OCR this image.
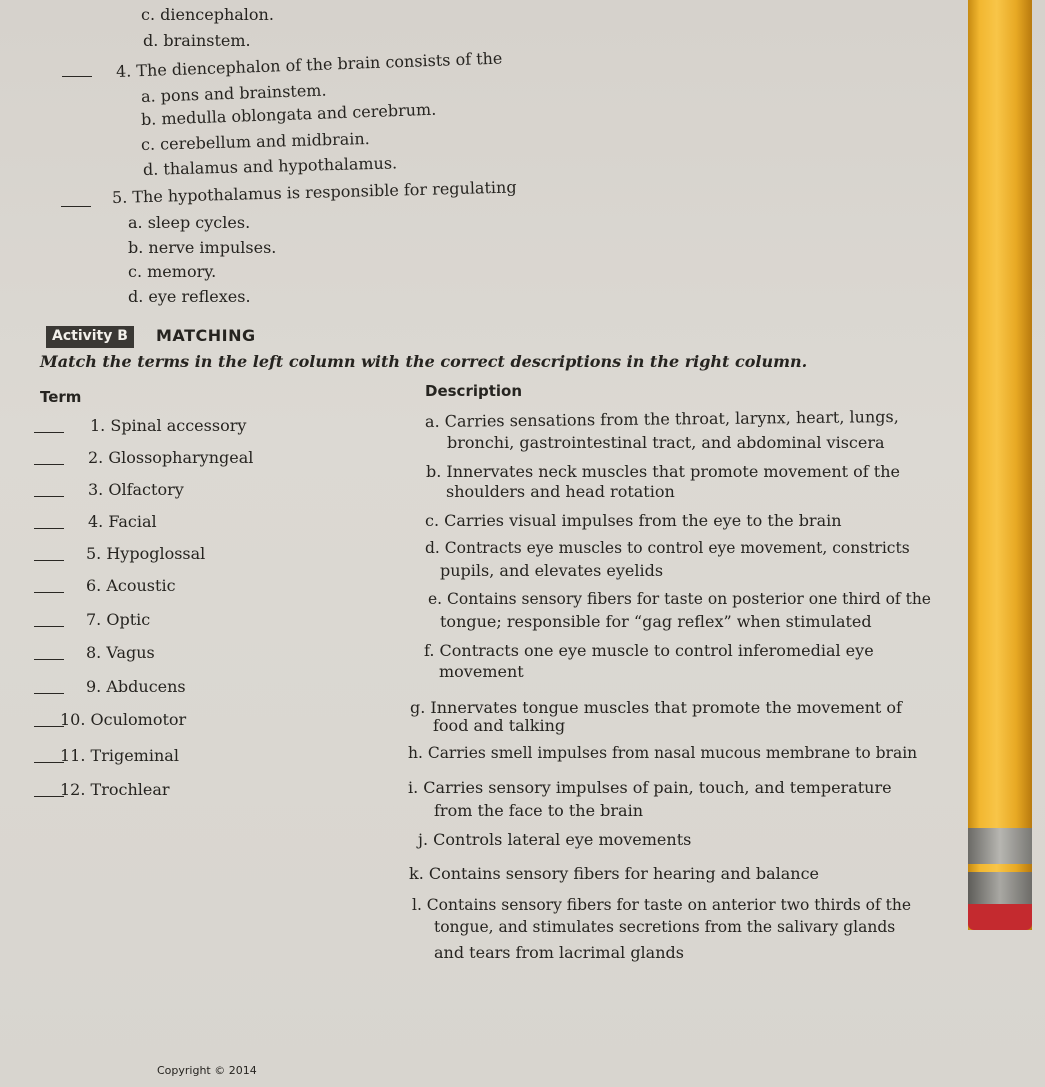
c. diencephalon.
d. brainstem.
4. The diencephalon of the brain consists of the
a. pons and brainstem.
b. medulla oblongata and cerebrum.
c. cerebellum and midbrain.
d. thalamus and hypothalamus.
5. The hypothalamus is responsible for regulating
a. sleep cycles.
b. nerve impulses.
c. memory.
d. eye reflexes.
Activity B	MATCHING
Match the terms in the left column with the correct descriptions in the right column.
Term	Description
1. Spinal accessory
2. Glossopharyngeal
3. Olfactory
4. Facial
5. Hypoglossal
6. Acoustic
7. Optic
8. Vagus
9. Abducens
10. Oculomotor
11. Trigeminal
12. Trochlear
a. Carries sensations from the throat, larynx, heart, lungs,
bronchi, gastrointestinal tract, and abdominal viscera
b. Innervates neck muscles that promote movement of the
shoulders and head rotation
c. Carries visual impulses from the eye to the brain
d. Contracts eye muscles to control eye movement, constricts
pupils, and elevates eyelids
e. Contains sensory fibers for taste on posterior one third of the
tongue; responsible for “gag reflex” when stimulated
f. Contracts one eye muscle to control inferomedial eye
movement
g. Innervates tongue muscles that promote the movement of
food and talking
h. Carries smell impulses from nasal mucous membrane to brain
i. Carries sensory impulses of pain, touch, and temperature
from the face to the brain
j. Controls lateral eye movements
k. Contains sensory fibers for hearing and balance
l. Contains sensory fibers for taste on anterior two thirds of the
tongue, and stimulates secretions from the salivary glands
and tears from lacrimal glands
Copyright © 2014
